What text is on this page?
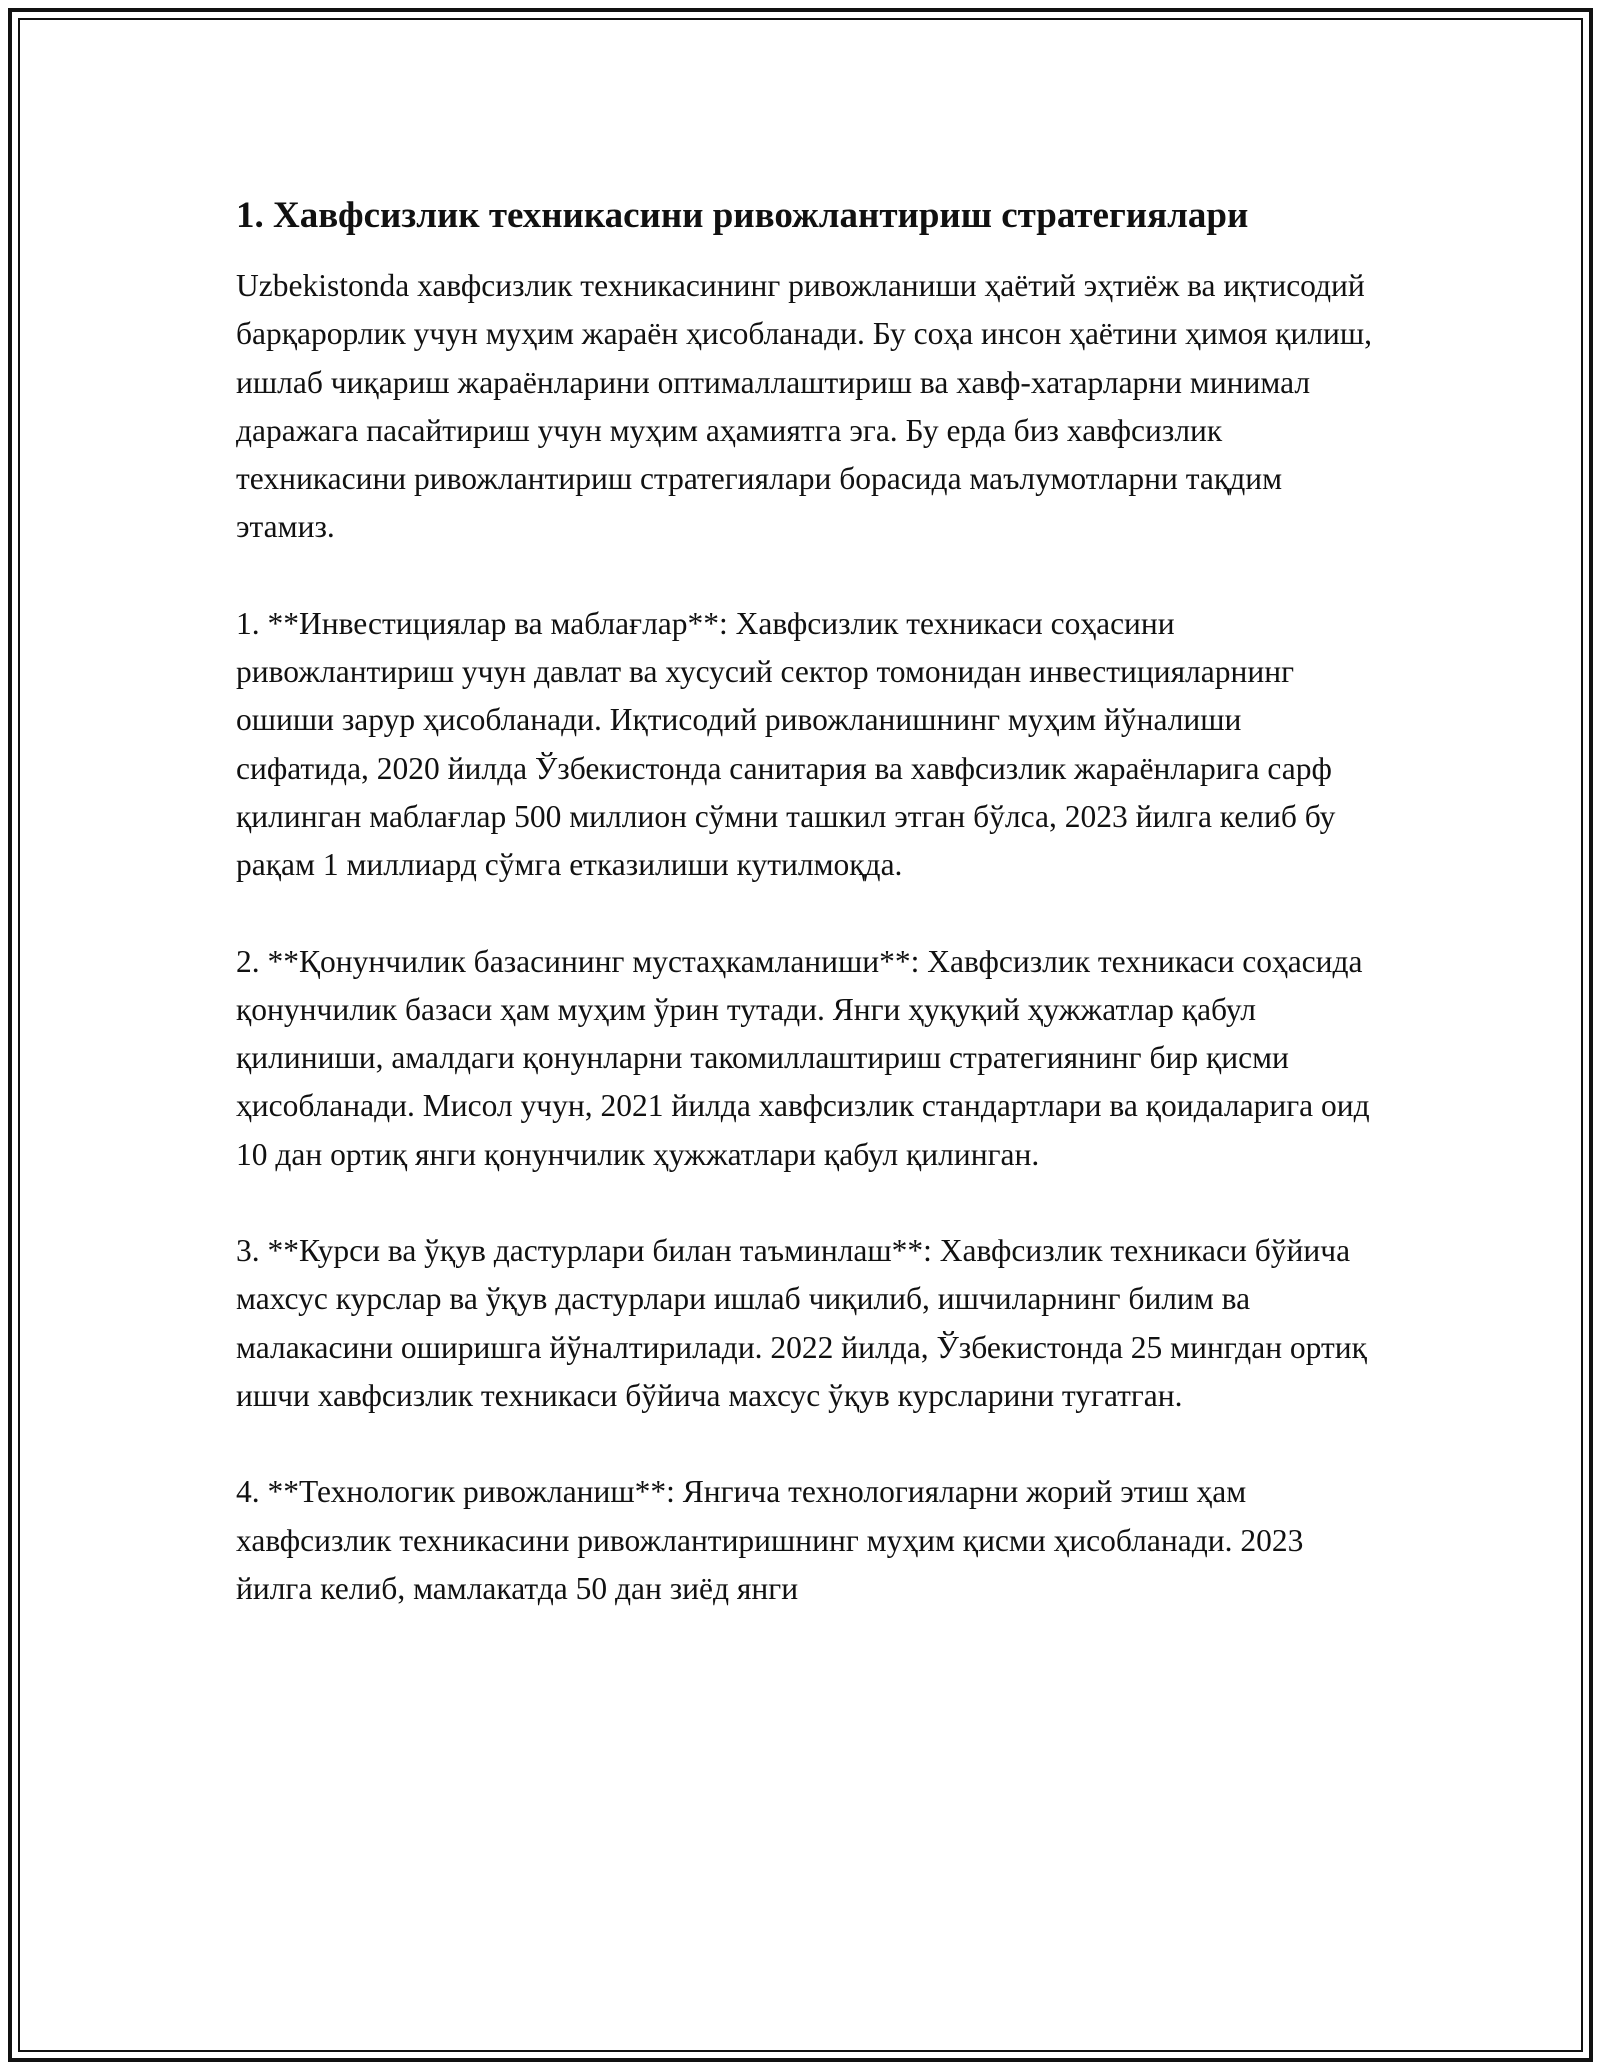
1. Хавфсизлик техникасини ривожлантириш стратегиялари

Uzbekistonda хавфсизлик техникасининг ривожланиши ҳаётий эҳтиёж ва иқтисодий барқарорлик учун муҳим жараён ҳисобланади. Бу соҳа инсон ҳаётини ҳимоя қилиш, ишлаб чиқариш жараёнларини оптималлаштириш ва хавф-хатарларни минимал даражага пасайтириш учун муҳим аҳамиятга эга. Бу ерда биз хавфсизлик техникасини ривожлантириш стратегиялари борасида маълумотларни тақдим этамиз.

1. **Инвестициялар ва маблағлар**: Хавфсизлик техникаси соҳасини ривожлантириш учун давлат ва хусусий сектор томонидан инвестицияларнинг ошиши зарур ҳисобланади. Иқтисодий ривожланишнинг муҳим йўналиши сифатида, 2020 йилда Ўзбекистонда санитария ва хавфсизлик жараёнларига сарф қилинган маблағлар 500 миллион сўмни ташкил этган бўлса, 2023 йилга келиб бу рақам 1 миллиард сўмга етказилиши кутилмоқда.

2. **Қонунчилик базасининг мустаҳкамланиши**: Хавфсизлик техникаси соҳасида қонунчилик базаси ҳам муҳим ўрин тутади. Янги ҳуқуқий ҳужжатлар қабул қилиниши, амалдаги қонунларни такомиллаштириш стратегиянинг бир қисми ҳисобланади. Мисол учун, 2021 йилда хавфсизлик стандартлари ва қоидаларига оид 10 дан ортиқ янги қонунчилик ҳужжатлари қабул қилинган.

3. **Курси ва ўқув дастурлари билан таъминлаш**: Хавфсизлик техникаси бўйича махсус курслар ва ўқув дастурлари ишлаб чиқилиб, ишчиларнинг билим ва малакасини оширишга йўналтирилади. 2022 йилда, Ўзбекистонда 25 мингдан ортиқ ишчи хавфсизлик техникаси бўйича махсус ўқув курсларини тугатган.

4. **Технологик ривожланиш**: Янгича технологияларни жорий этиш ҳам хавфсизлик техникасини ривожлантиришнинг муҳим қисми ҳисобланади. 2023 йилга келиб, мамлакатда 50 дан зиёд янги
